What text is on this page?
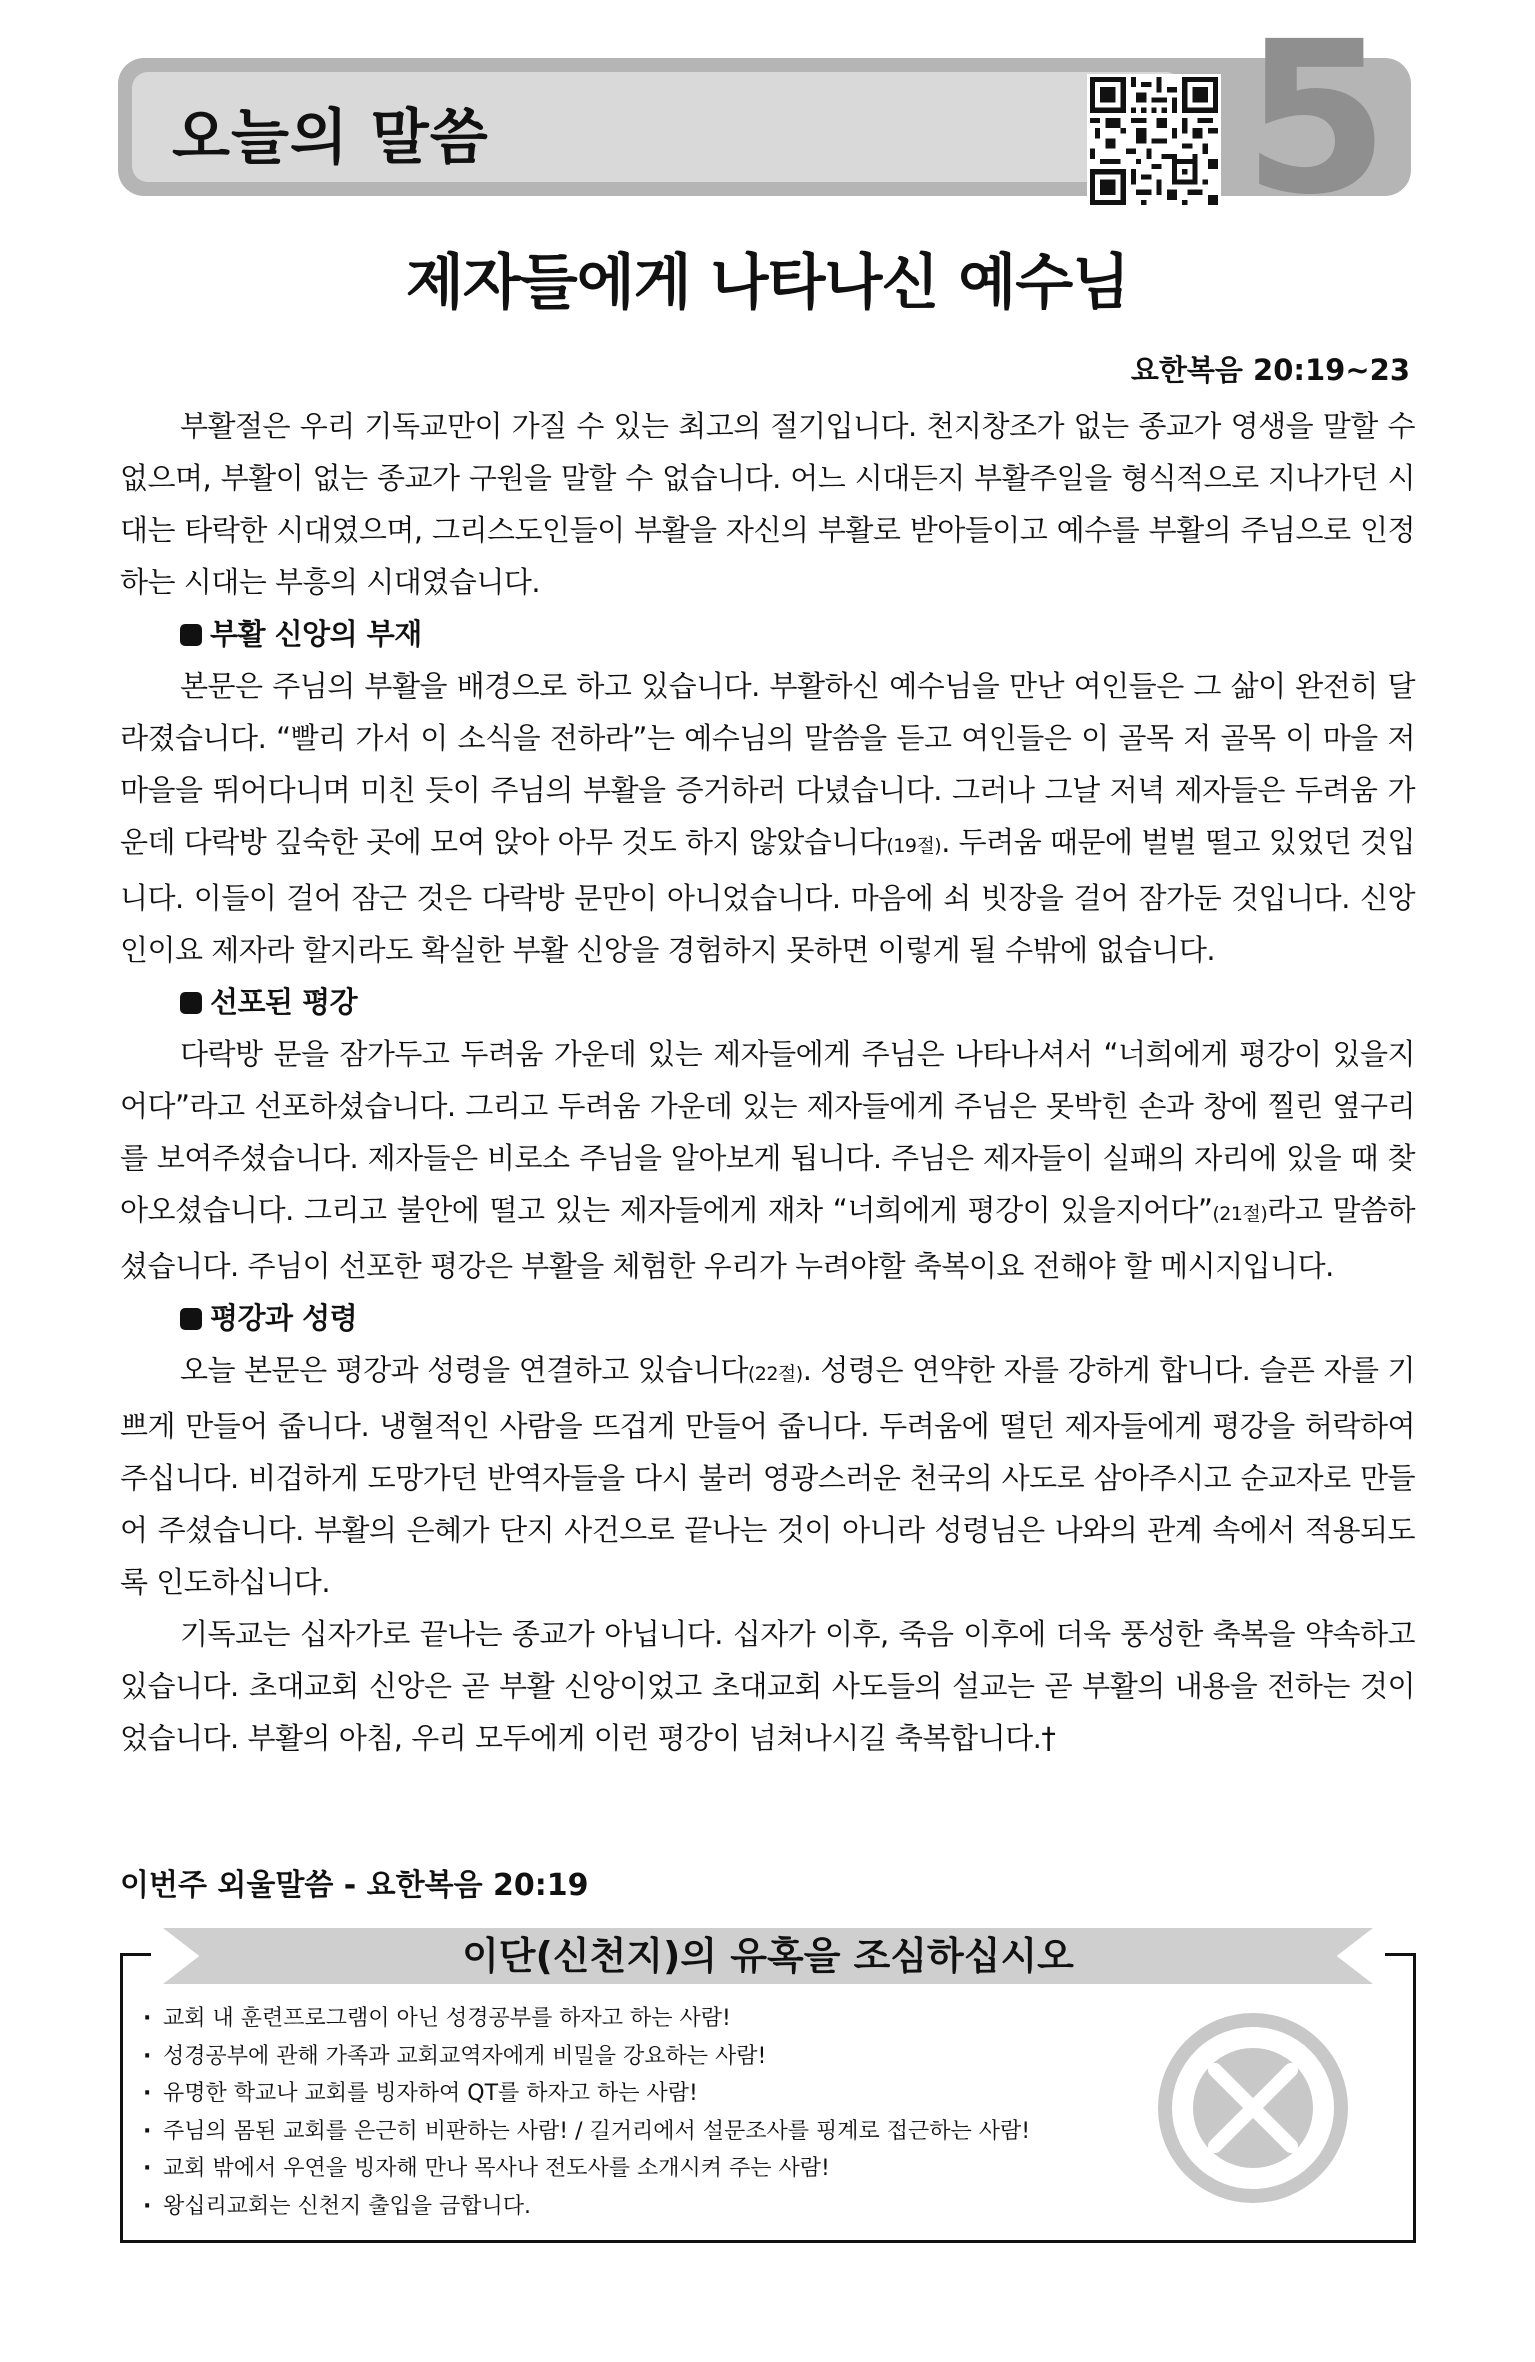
오늘의 말씀	5
제자들에게 나타나신 예수님
요한복음 20:19~23

부활절은 우리 기독교만이 가질 수 있는 최고의 절기입니다. 천지창조가 없는 종교가 영생을 말할 수 없으며, 부활이 없는 종교가 구원을 말할 수 없습니다. 어느 시대든지 부활주일을 형식적으로 지나가던 시대는 타락한 시대였으며, 그리스도인들이 부활을 자신의 부활로 받아들이고 예수를 부활의 주님으로 인정하는 시대는 부흥의 시대였습니다.

부활 신앙의 부재

본문은 주님의 부활을 배경으로 하고 있습니다. 부활하신 예수님을 만난 여인들은 그 삶이 완전히 달라졌습니다. “빨리 가서 이 소식을 전하라”는 예수님의 말씀을 듣고 여인들은 이 골목 저 골목 이 마을 저 마을을 뛰어다니며 미친 듯이 주님의 부활을 증거하러 다녔습니다. 그러나 그날 저녁 제자들은 두려움 가운데 다락방 깊숙한 곳에 모여 앉아 아무 것도 하지 않았습니다(19절). 두려움 때문에 벌벌 떨고 있었던 것입니다. 이들이 걸어 잠근 것은 다락방 문만이 아니었습니다. 마음에 쇠 빗장을 걸어 잠가둔 것입니다. 신앙인이요 제자라 할지라도 확실한 부활 신앙을 경험하지 못하면 이렇게 될 수밖에 없습니다.

선포된 평강

다락방 문을 잠가두고 두려움 가운데 있는 제자들에게 주님은 나타나셔서 “너희에게 평강이 있을지어다”라고 선포하셨습니다. 그리고 두려움 가운데 있는 제자들에게 주님은 못박힌 손과 창에 찔린 옆구리를 보여주셨습니다. 제자들은 비로소 주님을 알아보게 됩니다. 주님은 제자들이 실패의 자리에 있을 때 찾아오셨습니다. 그리고 불안에 떨고 있는 제자들에게 재차 “너희에게 평강이 있을지어다”(21절)라고 말씀하셨습니다. 주님이 선포한 평강은 부활을 체험한 우리가 누려야할 축복이요 전해야 할 메시지입니다.

평강과 성령

오늘 본문은 평강과 성령을 연결하고 있습니다(22절). 성령은 연약한 자를 강하게 합니다. 슬픈 자를 기쁘게 만들어 줍니다. 냉혈적인 사람을 뜨겁게 만들어 줍니다. 두려움에 떨던 제자들에게 평강을 허락하여 주십니다. 비겁하게 도망가던 반역자들을 다시 불러 영광스러운 천국의 사도로 삼아주시고 순교자로 만들어 주셨습니다. 부활의 은혜가 단지 사건으로 끝나는 것이 아니라 성령님은 나와의 관계 속에서 적용되도록 인도하십니다.

기독교는 십자가로 끝나는 종교가 아닙니다. 십자가 이후, 죽음 이후에 더욱 풍성한 축복을 약속하고 있습니다. 초대교회 신앙은 곧 부활 신앙이었고 초대교회 사도들의 설교는 곧 부활의 내용을 전하는 것이었습니다. 부활의 아침, 우리 모두에게 이런 평강이 넘쳐나시길 축복합니다.†

이번주 외울말씀 - 요한복음 20:19
이단(신천지)의 유혹을 조심하십시오
· 교회 내 훈련프로그램이 아닌 성경공부를 하자고 하는 사람!
· 성경공부에 관해 가족과 교회교역자에게 비밀을 강요하는 사람!
· 유명한 학교나 교회를 빙자하여 QT를 하자고 하는 사람!
· 주님의 몸된 교회를 은근히 비판하는 사람! / 길거리에서 설문조사를 핑계로 접근하는 사람!
· 교회 밖에서 우연을 빙자해 만나 목사나 전도사를 소개시켜 주는 사람!
· 왕십리교회는 신천지 출입을 금합니다.
